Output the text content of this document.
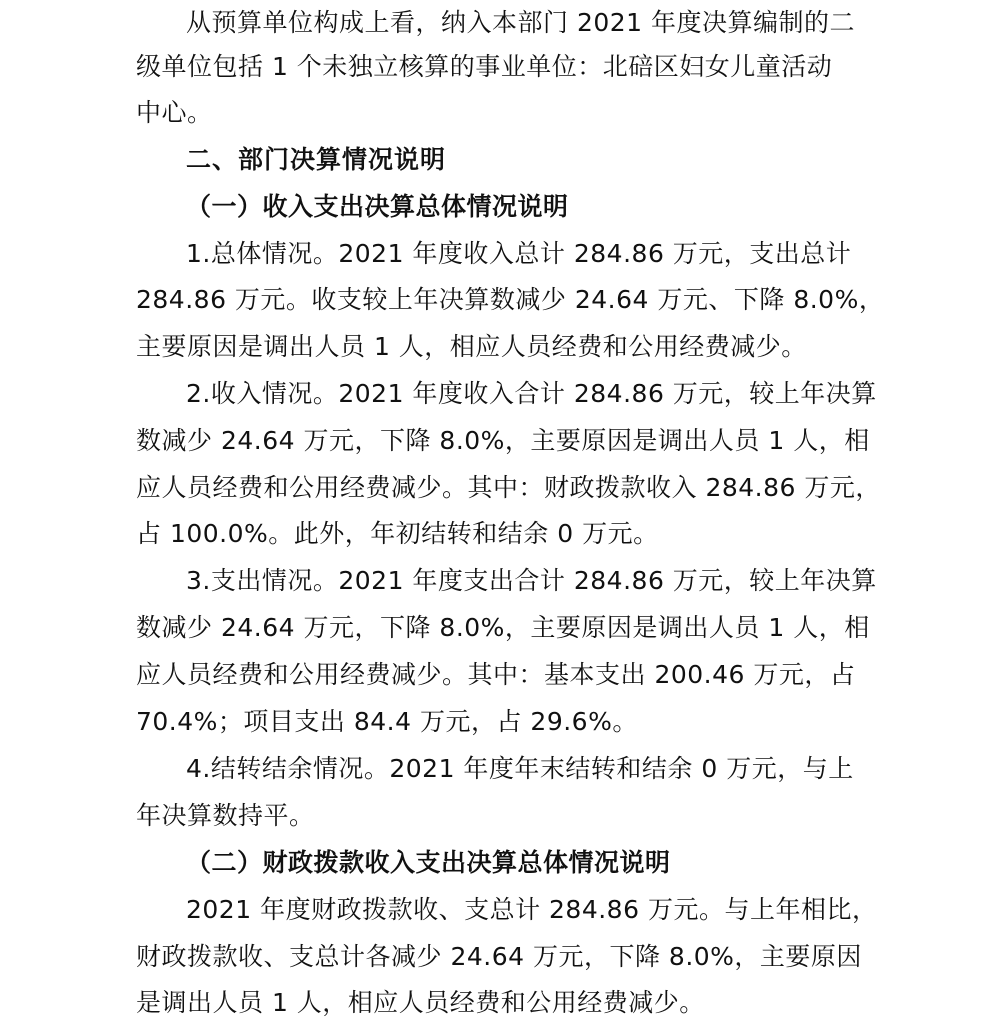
从预算单位构成上看，纳入本部门 2021 年度决算编制的二
级单位包括 1 个未独立核算的事业单位：北碚区妇女儿童活动
中心。
二、部门决算情况说明
（一）收入支出决算总体情况说明
1.总体情况。2021 年度收入总计 284.86 万元，支出总计
284.86 万元。收支较上年决算数减少 24.64 万元、下降 8.0%，
主要原因是调出人员 1 人，相应人员经费和公用经费减少。
2.收入情况。2021 年度收入合计 284.86 万元，较上年决算
数减少 24.64 万元，下降 8.0%，主要原因是调出人员 1 人，相
应人员经费和公用经费减少。其中：财政拨款收入 284.86 万元，
占 100.0%。此外，年初结转和结余 0 万元。
3.支出情况。2021 年度支出合计 284.86 万元，较上年决算
数减少 24.64 万元，下降 8.0%，主要原因是调出人员 1 人，相
应人员经费和公用经费减少。其中：基本支出 200.46 万元，占
70.4%；项目支出 84.4 万元，占 29.6%。
4.结转结余情况。2021 年度年末结转和结余 0 万元，与上
年决算数持平。
（二）财政拨款收入支出决算总体情况说明
2021 年度财政拨款收、支总计 284.86 万元。与上年相比，
财政拨款收、支总计各减少 24.64 万元，下降 8.0%，主要原因
是调出人员 1 人，相应人员经费和公用经费减少。
